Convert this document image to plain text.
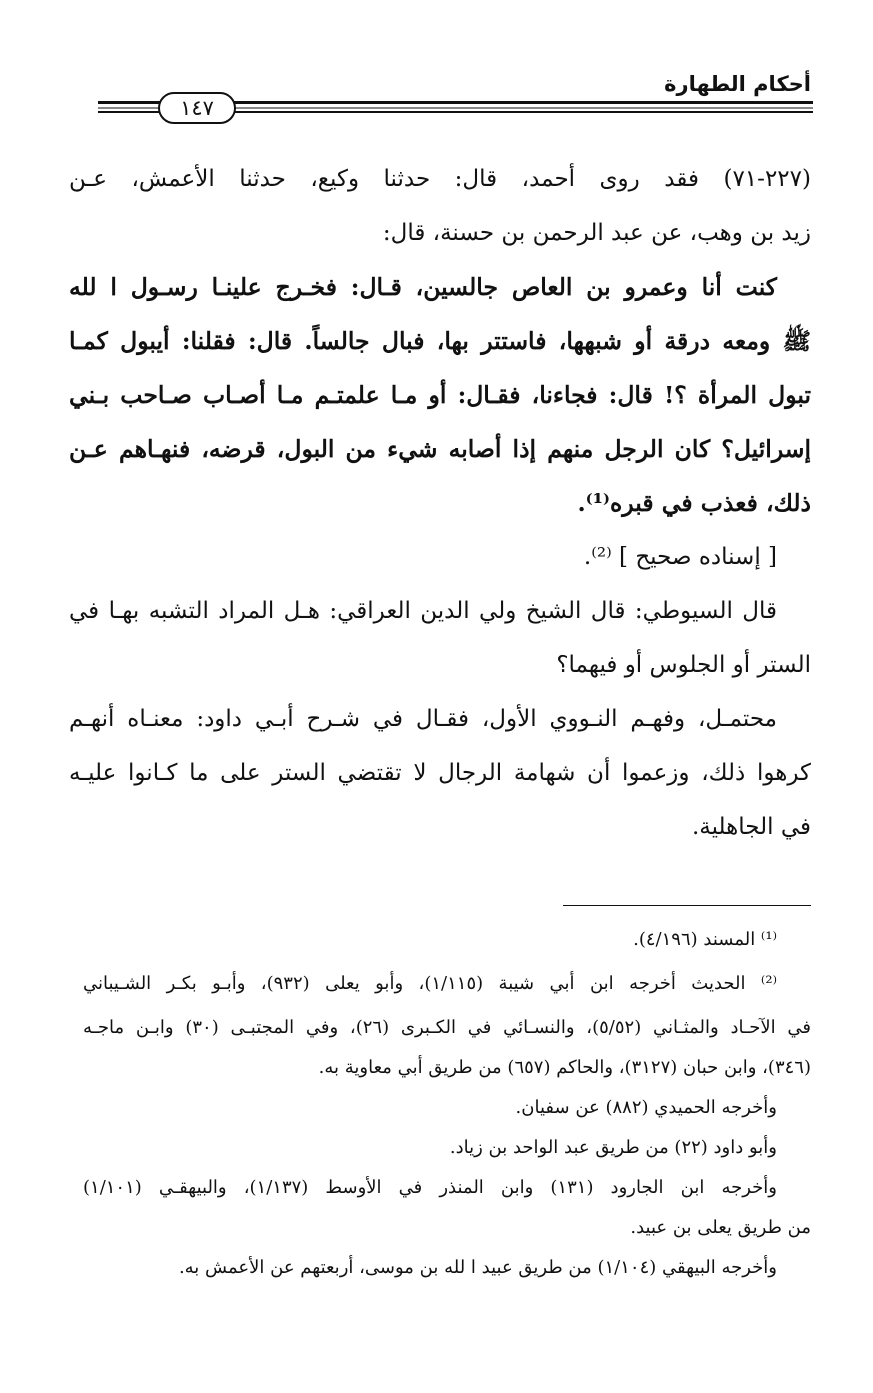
أحكام الطهارة
١٤٧
(٢٢٧-٧١) فقد روى أحمد، قال: حدثنا وكيع، حدثنا الأعمش، عـن
زيد بن وهب، عن عبد الرحمن بن حسنة، قال:
كنت أنا وعمرو بن العاص جالسين، قـال: فخـرج علينـا رسـول ا لله
ﷺ ومعه درقة أو شبهها، فاستتر بها، فبال جالساً. قال: فقلنا: أيبول كمـا
تبول المرأة ؟! قال: فجاءنا، فقـال: أو مـا علمتـم مـا أصـاب صـاحب بـني
إسرائيل؟ كان الرجل منهم إذا أصابه شيء من البول، قرضه، فنهـاهم عـن
ذلك، فعذب في قبره⁽¹⁾.
[ إسناده صحيح ] ⁽²⁾.
قال السيوطي: قال الشيخ ولي الدين العراقي: هـل المراد التشبه بهـا في
الستر أو الجلوس أو فيهما؟
محتمـل، وفهـم النـووي الأول، فقـال في شـرح أبـي داود: معنـاه أنهـم
كرهوا ذلك، وزعموا أن شهامة الرجال لا تقتضي الستر على ما كـانوا عليـه
في الجاهلية.
⁽¹⁾ المسند (٤/١٩٦).
⁽²⁾ الحديث أخرجه ابن أبي شيبة (١/١١٥)، وأبو يعلى (٩٣٢)، وأبـو بكـر الشـيباني
في الآحـاد والمثـاني (٥/٥٢)، والنسـائي في الكـبرى (٢٦)، وفي المجتبـى (٣٠) وابـن ماجـه
(٣٤٦)، وابن حبان (٣١٢٧)، والحاكم (٦٥٧) من طريق أبي معاوية به.
وأخرجه الحميدي (٨٨٢) عن سفيان.
وأبو داود (٢٢) من طريق عبد الواحد بن زياد.
وأخرجه ابن الجارود (١٣١) وابن المنذر في الأوسط (١/١٣٧)، والبيهقـي (١/١٠١)
من طريق يعلى بن عبيد.
وأخرجه البيهقي (١/١٠٤) من طريق عبيد ا لله بن موسى، أربعتهم عن الأعمش به.
